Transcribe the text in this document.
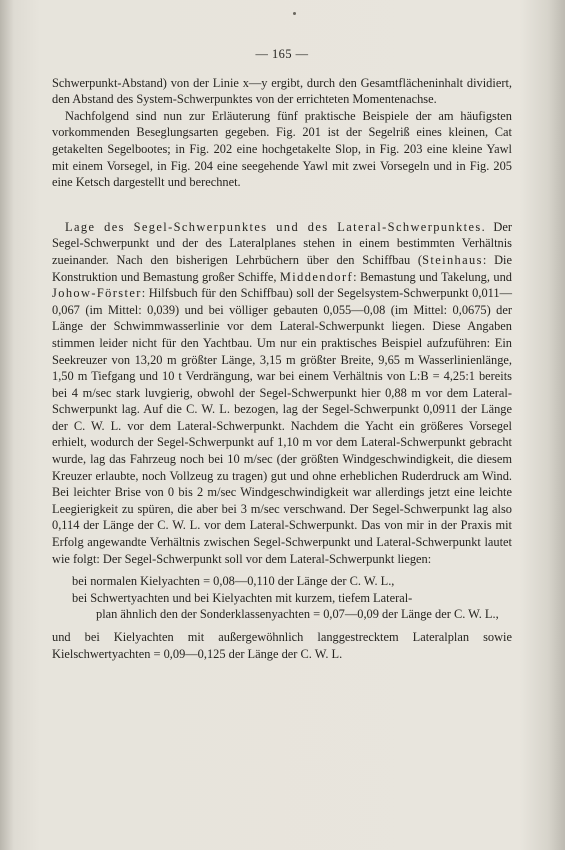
— 165 —

Schwerpunkt-Abstand) von der Linie x—y ergibt, durch den Gesamtflächeninhalt dividiert, den Abstand des System-Schwerpunktes von der errichteten Momentenachse.

Nachfolgend sind nun zur Erläuterung fünf praktische Beispiele der am häufigsten vorkommenden Beseglungsarten gegeben. Fig. 201 ist der Segelriß eines kleinen, Cat getakelten Segelbootes; in Fig. 202 eine hochgetakelte Slop, in Fig. 203 eine kleine Yawl mit einem Vorsegel, in Fig. 204 eine seegehende Yawl mit zwei Vorsegeln und in Fig. 205 eine Ketsch dargestellt und berechnet.

Lage des Segel-Schwerpunktes und des Lateral-Schwerpunktes. Der Segel-Schwerpunkt und der des Lateralplanes stehen in einem bestimmten Verhältnis zueinander. Nach den bisherigen Lehrbüchern über den Schiffbau (Steinhaus: Die Konstruktion und Bemastung großer Schiffe, Middendorf: Bemastung und Takelung, und Johow-Förster: Hilfsbuch für den Schiffbau) soll der Segelsystem-Schwerpunkt 0,011—0,067 (im Mittel: 0,039) und bei völliger gebauten 0,055—0,08 (im Mittel: 0,0675) der Länge der Schwimmwasserlinie vor dem Lateral-Schwerpunkt liegen. Diese Angaben stimmen leider nicht für den Yachtbau. Um nur ein praktisches Beispiel aufzuführen: Ein Seekreuzer von 13,20 m größter Länge, 3,15 m größter Breite, 9,65 m Wasserlinienlänge, 1,50 m Tiefgang und 10 t Verdrängung, war bei einem Verhältnis von L:B = 4,25:1 bereits bei 4 m/sec stark luvgierig, obwohl der Segel-Schwerpunkt hier 0,88 m vor dem Lateral-Schwerpunkt lag. Auf die C. W. L. bezogen, lag der Segel-Schwerpunkt 0,0911 der Länge der C. W. L. vor dem Lateral-Schwerpunkt. Nachdem die Yacht ein größeres Vorsegel erhielt, wodurch der Segel-Schwerpunkt auf 1,10 m vor dem Lateral-Schwerpunkt gebracht wurde, lag das Fahrzeug noch bei 10 m/sec (der größten Windgeschwindigkeit, die diesem Kreuzer erlaubte, noch Vollzeug zu tragen) gut und ohne erheblichen Ruderdruck am Wind. Bei leichter Brise von 0 bis 2 m/sec Windgeschwindigkeit war allerdings jetzt eine leichte Leegierigkeit zu spüren, die aber bei 3 m/sec verschwand. Der Segel-Schwerpunkt lag also 0,114 der Länge der C. W. L. vor dem Lateral-Schwerpunkt. Das von mir in der Praxis mit Erfolg angewandte Verhältnis zwischen Segel-Schwerpunkt und Lateral-Schwerpunkt lautet wie folgt: Der Segel-Schwerpunkt soll vor dem Lateral-Schwerpunkt liegen:

bei normalen Kielyachten = 0,08—0,110 der Länge der C. W. L.,
bei Schwertyachten und bei Kielyachten mit kurzem, tiefem Lateral-
plan ähnlich den der Sonderklassenyachten = 0,07—0,09 der Länge der C. W. L.,

und bei Kielyachten mit außergewöhnlich langgestrecktem Lateralplan sowie Kielschwertyachten = 0,09—0,125 der Länge der C. W. L.
